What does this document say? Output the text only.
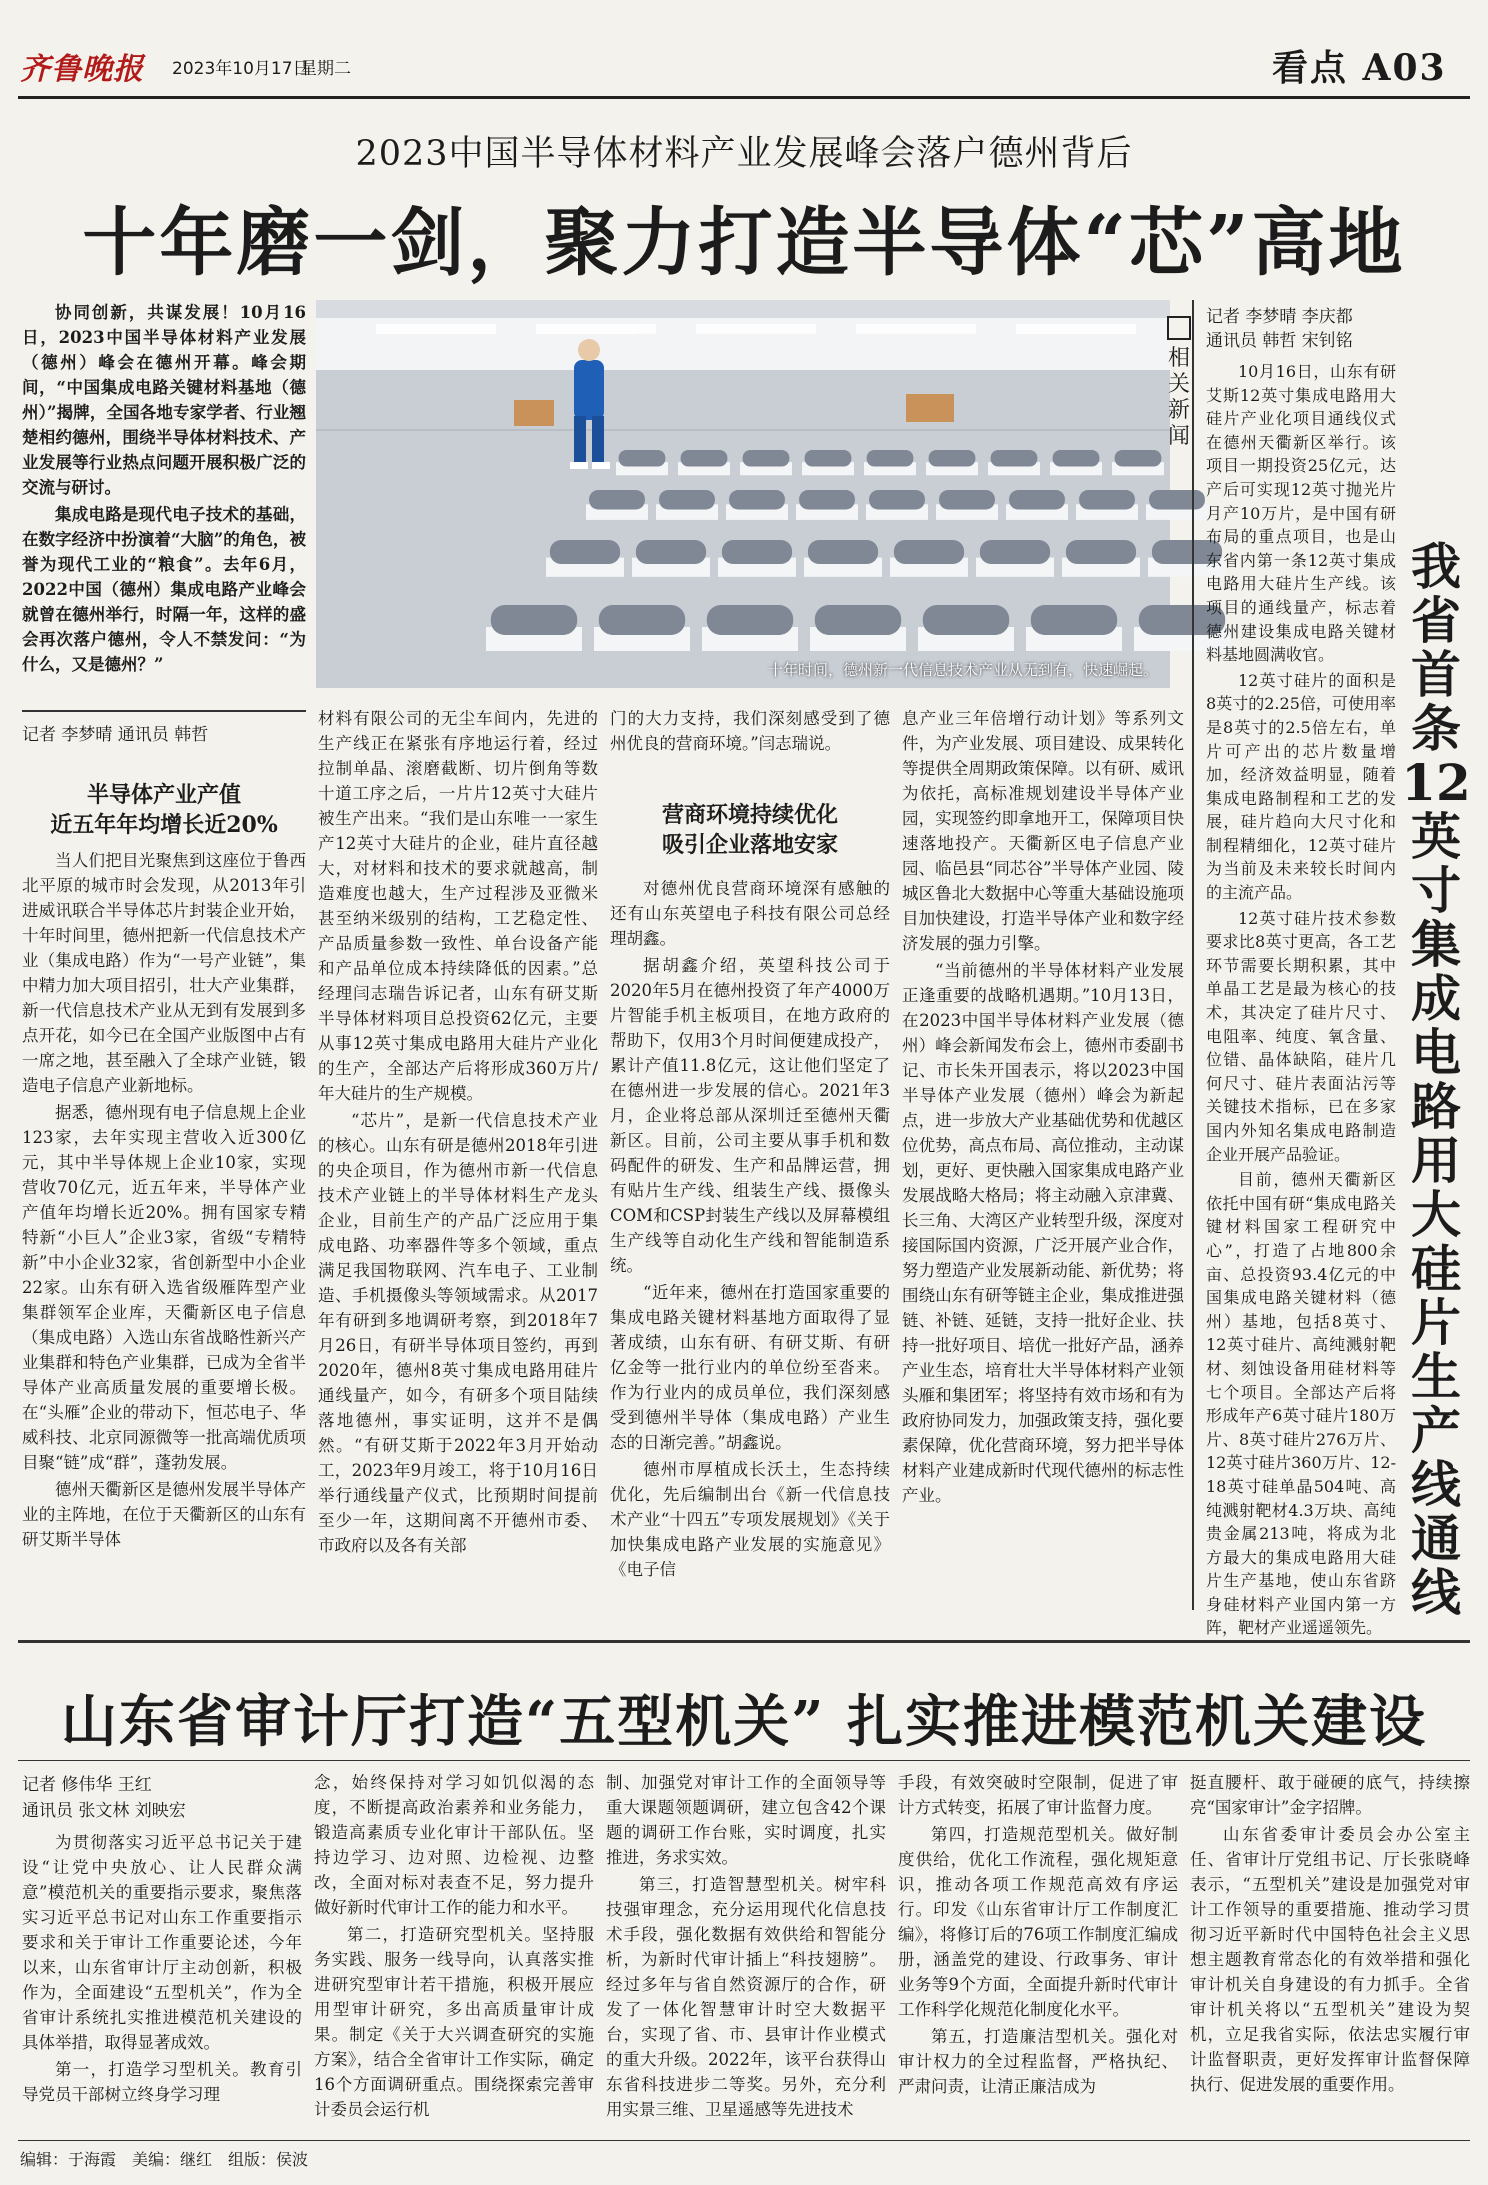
齐鲁晚报 2023年10月17日
星期二	看点 A03
2023中国半导体材料产业发展峰会落户德州背后
十年磨一剑，聚力打造半导体“芯”高地

协同创新，共谋发展！10月16日，2023中国半导体材料产业发展（德州）峰会在德州开幕。峰会期间，“中国集成电路关键材料基地（德州）”揭牌，全国各地专家学者、行业翘楚相约德州，围绕半导体材料技术、产业发展等行业热点问题开展积极广泛的交流与研讨。

集成电路是现代电子技术的基础，在数字经济中扮演着“大脑”的角色，被誉为现代工业的“粮食”。去年6月，2022中国（德州）集成电路产业峰会就曾在德州举行，时隔一年，这样的盛会再次落户德州，令人不禁发问：“为什么，又是德州？”	十年时间，德州新一代信息技术产业从无到有，快速崛起。
记者 李梦晴 通讯员 韩哲
半导体产业产值
近五年年均增长近20%

当人们把目光聚焦到这座位于鲁西北平原的城市时会发现，从2013年引进威讯联合半导体芯片封装企业开始，十年时间里，德州把新一代信息技术产业（集成电路）作为“一号产业链”，集中精力加大项目招引，壮大产业集群，新一代信息技术产业从无到有发展到多点开花，如今已在全国产业版图中占有一席之地，甚至融入了全球产业链，锻造电子信息产业新地标。

据悉，德州现有电子信息规上企业123家，去年实现主营收入近300亿元，其中半导体规上企业10家，实现营收70亿元，近五年来，半导体产业产值年均增长近20%。拥有国家专精特新“小巨人”企业3家，省级“专精特新”中小企业32家，省创新型中小企业22家。山东有研入选省级雁阵型产业集群领军企业库，天衢新区电子信息（集成电路）入选山东省战略性新兴产业集群和特色产业集群，已成为全省半导体产业高质量发展的重要增长极。在“头雁”企业的带动下，恒芯电子、华威科技、北京同源微等一批高端优质项目聚“链”成“群”，蓬勃发展。

德州天衢新区是德州发展半导体产业的主阵地，在位于天衢新区的山东有研艾斯半导体

材料有限公司的无尘车间内，先进的生产线正在紧张有序地运行着，经过拉制单晶、滚磨截断、切片倒角等数十道工序之后，一片片12英寸大硅片被生产出来。“我们是山东唯一一家生产12英寸大硅片的企业，硅片直径越大，对材料和技术的要求就越高，制造难度也越大，生产过程涉及亚微米甚至纳米级别的结构，工艺稳定性、产品质量参数一致性、单台设备产能和产品单位成本持续降低的因素。”总经理闫志瑞告诉记者，山东有研艾斯半导体材料项目总投资62亿元，主要从事12英寸集成电路用大硅片产业化的生产，全部达产后将形成360万片/年大硅片的生产规模。

“芯片”，是新一代信息技术产业的核心。山东有研是德州2018年引进的央企项目，作为德州市新一代信息技术产业链上的半导体材料生产龙头企业，目前生产的产品广泛应用于集成电路、功率器件等多个领域，重点满足我国物联网、汽车电子、工业制造、手机摄像头等领域需求。从2017年有研到多地调研考察，到2018年7月26日，有研半导体项目签约，再到2020年，德州8英寸集成电路用硅片通线量产，如今，有研多个项目陆续落地德州，事实证明，这并不是偶然。“有研艾斯于2022年3月开始动工，2023年9月竣工，将于10月16日举行通线量产仪式，比预期时间提前至少一年，这期间离不开德州市委、市政府以及各有关部

门的大力支持，我们深刻感受到了德州优良的营商环境。”闫志瑞说。

营商环境持续优化
吸引企业落地安家

对德州优良营商环境深有感触的还有山东英望电子科技有限公司总经理胡鑫。

据胡鑫介绍，英望科技公司于2020年5月在德州投资了年产4000万片智能手机主板项目，在地方政府的帮助下，仅用3个月时间便建成投产，累计产值11.8亿元，这让他们坚定了在德州进一步发展的信心。2021年3月，企业将总部从深圳迁至德州天衢新区。目前，公司主要从事手机和数码配件的研发、生产和品牌运营，拥有贴片生产线、组装生产线、摄像头COM和CSP封装生产线以及屏幕模组生产线等自动化生产线和智能制造系统。

“近年来，德州在打造国家重要的集成电路关键材料基地方面取得了显著成绩，山东有研、有研艾斯、有研亿金等一批行业内的单位纷至沓来。作为行业内的成员单位，我们深刻感受到德州半导体（集成电路）产业生态的日渐完善。”胡鑫说。

德州市厚植成长沃土，生态持续优化，先后编制出台《新一代信息技术产业“十四五”专项发展规划》《关于加快集成电路产业发展的实施意见》《电子信

息产业三年倍增行动计划》等系列文件，为产业发展、项目建设、成果转化等提供全周期政策保障。以有研、威讯为依托，高标准规划建设半导体产业园，实现签约即拿地开工，保障项目快速落地投产。天衢新区电子信息产业园、临邑县“同芯谷”半导体产业园、陵城区鲁北大数据中心等重大基础设施项目加快建设，打造半导体产业和数字经济发展的强力引擎。

“当前德州的半导体材料产业发展正逢重要的战略机遇期。”10月13日，在2023中国半导体材料产业发展（德州）峰会新闻发布会上，德州市委副书记、市长朱开国表示，将以2023中国半导体产业发展（德州）峰会为新起点，进一步放大产业基础优势和优越区位优势，高点布局、高位推动，主动谋划，更好、更快融入国家集成电路产业发展战略大格局；将主动融入京津冀、长三角、大湾区产业转型升级，深度对接国际国内资源，广泛开展产业合作，努力塑造产业发展新动能、新优势；将围绕山东有研等链主企业，集成推进强链、补链、延链，支持一批好企业、扶持一批好项目、培优一批好产品，涵养产业生态，培育壮大半导体材料产业领头雁和集团军；将坚持有效市场和有为政府协同发力，加强政策支持，强化要素保障，优化营商环境，努力把半导体材料产业建成新时代现代德州的标志性产业。

相关新闻
记者 李梦晴 李庆都
通讯员 韩哲 宋钊铭

10月16日，山东有研艾斯12英寸集成电路用大硅片产业化项目通线仪式在德州天衢新区举行。该项目一期投资25亿元，达产后可实现12英寸抛光片月产10万片，是中国有研布局的重点项目，也是山东省内第一条12英寸集成电路用大硅片生产线。该项目的通线量产，标志着德州建设集成电路关键材料基地圆满收官。

12英寸硅片的面积是8英寸的2.25倍，可使用率是8英寸的2.5倍左右，单片可产出的芯片数量增加，经济效益明显，随着集成电路制程和工艺的发展，硅片趋向大尺寸化和制程精细化，12英寸硅片为当前及未来较长时间内的主流产品。

12英寸硅片技术参数要求比8英寸更高，各工艺环节需要长期积累，其中单晶工艺是最为核心的技术，其决定了硅片尺寸、电阻率、纯度、氧含量、位错、晶体缺陷，硅片几何尺寸、硅片表面沾污等关键技术指标，已在多家国内外知名集成电路制造企业开展产品验证。

目前，德州天衢新区依托中国有研“集成电路关键材料国家工程研究中心”，打造了占地800余亩、总投资93.4亿元的中国集成电路关键材料（德州）基地，包括8英寸、12英寸硅片、高纯溅射靶材、刻蚀设备用硅材料等七个项目。全部达产后将形成年产6英寸硅片180万片、8英寸硅片276万片、12英寸硅片360万片、12-18英寸硅单晶504吨、高纯溅射靶材4.3万块、高纯贵金属213吨，将成为北方最大的集成电路用大硅片生产基地，使山东省跻身硅材料产业国内第一方阵，靶材产业遥遥领先。

我省首条12英寸集成电路用大硅片生产线通线
山东省审计厅打造“五型机关” 扎实推进模范机关建设
记者 修伟华 王红
通讯员 张文林 刘映宏

为贯彻落实习近平总书记关于建设“让党中央放心、让人民群众满意”模范机关的重要指示要求，聚焦落实习近平总书记对山东工作重要指示要求和关于审计工作重要论述，今年以来，山东省审计厅主动创新，积极作为，全面建设“五型机关”，作为全省审计系统扎实推进模范机关建设的具体举措，取得显著成效。

第一，打造学习型机关。教育引导党员干部树立终身学习理

念，始终保持对学习如饥似渴的态度，不断提高政治素养和业务能力，锻造高素质专业化审计干部队伍。坚持边学习、边对照、边检视、边整改，全面对标对表查不足，努力提升做好新时代审计工作的能力和水平。

第二，打造研究型机关。坚持服务实践、服务一线导向，认真落实推进研究型审计若干措施，积极开展应用型审计研究，多出高质量审计成果。制定《关于大兴调查研究的实施方案》，结合全省审计工作实际，确定16个方面调研重点。围绕探索完善审计委员会运行机

制、加强党对审计工作的全面领导等重大课题领题调研，建立包含42个课题的调研工作台账，实时调度，扎实推进，务求实效。

第三，打造智慧型机关。树牢科技强审理念，充分运用现代化信息技术手段，强化数据有效供给和智能分析，为新时代审计插上“科技翅膀”。经过多年与省自然资源厅的合作，研发了一体化智慧审计时空大数据平台，实现了省、市、县审计作业模式的重大升级。2022年，该平台获得山东省科技进步二等奖。另外，充分利用实景三维、卫星遥感等先进技术

手段，有效突破时空限制，促进了审计方式转变，拓展了审计监督力度。

第四，打造规范型机关。做好制度供给，优化工作流程，强化规矩意识，推动各项工作规范高效有序运行。印发《山东省审计厅工作制度汇编》，将修订后的76项工作制度汇编成册，涵盖党的建设、行政事务、审计业务等9个方面，全面提升新时代审计工作科学化规范化制度化水平。

第五，打造廉洁型机关。强化对审计权力的全过程监督，严格执纪、严肃问责，让清正廉洁成为

挺直腰杆、敢于碰硬的底气，持续擦亮“国家审计”金字招牌。

山东省委审计委员会办公室主任、省审计厅党组书记、厅长张晓峰表示，“五型机关”建设是加强党对审计工作领导的重要措施、推动学习贯彻习近平新时代中国特色社会主义思想主题教育常态化的有效举措和强化审计机关自身建设的有力抓手。全省审计机关将以“五型机关”建设为契机，立足我省实际，依法忠实履行审计监督职责，更好发挥审计监督保障执行、促进发展的重要作用。

编辑：于海霞　美编：继红　组版：侯波
